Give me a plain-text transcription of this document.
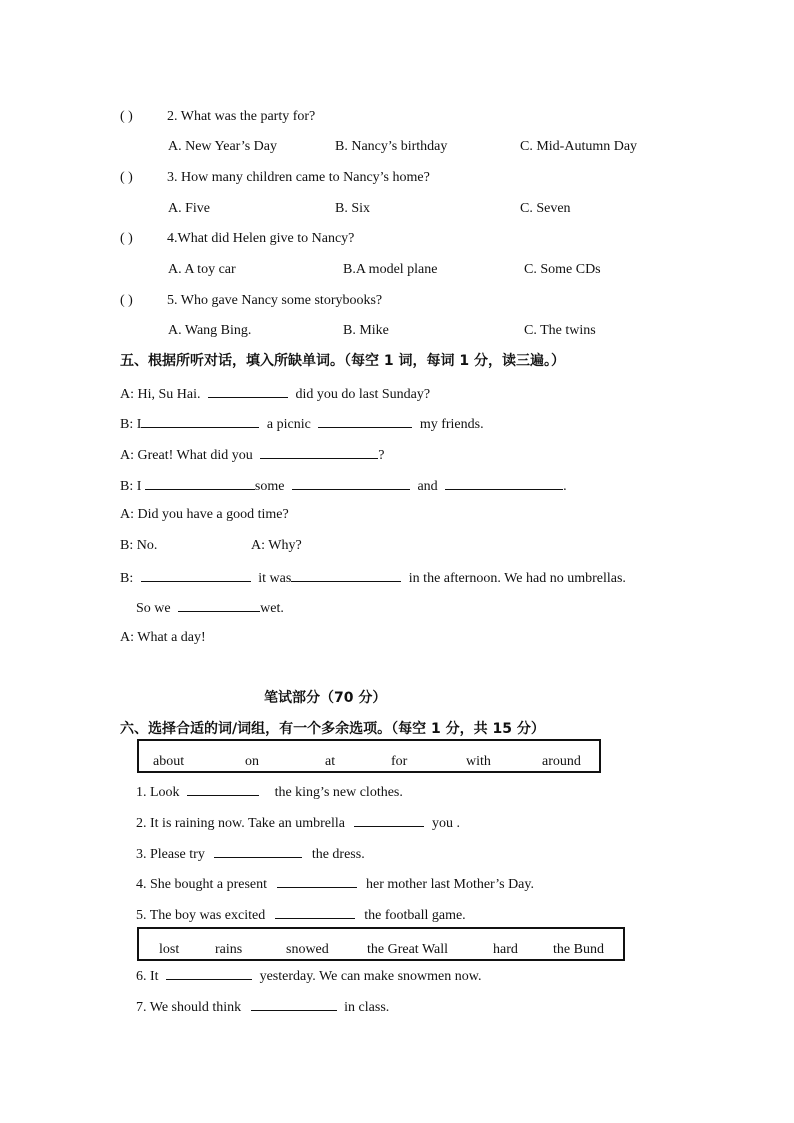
( ) 2. What was the party for?
A. New Year’s Day	B. Nancy’s birthday	C. Mid-Autumn Day
( ) 3. How many children came to Nancy’s home?
A. Five	B. Six	C. Seven
( ) 4.What did Helen give to Nancy?
A. A toy car	B.A model plane	C. Some CDs
( ) 5. Who gave Nancy some storybooks?
A. Wang Bing.	B. Mike	C. The twins
五、根据所听对话，填入所缺单词。（每空 1 词，每词 1 分，读三遍。）
A: Hi, Su Hai.	did you do last Sunday?
B: I	a picnic	my friends.
A: Great! What did you	?
B: I	some	and	.
A: Did you have a good time?
B: No.	A: Why?
B:	it was	in the afternoon. We had no umbrellas.
So we	wet.
A: What a day!
笔试部分（70 分）
六、选择合适的词/词组，有一个多余选项。（每空 1 分，共 15 分）
about	on	at	for	with	around
1. Look	the king’s new clothes.
2. It is raining now. Take an umbrella	you .
3. Please try	the dress.
4. She bought a present	her mother last Mother’s Day.
5. The boy was excited	the football game.
lost	rains	snowed	the Great Wall	hard	the Bund
6. It	yesterday. We can make snowmen now.
7. We should think	in class.
